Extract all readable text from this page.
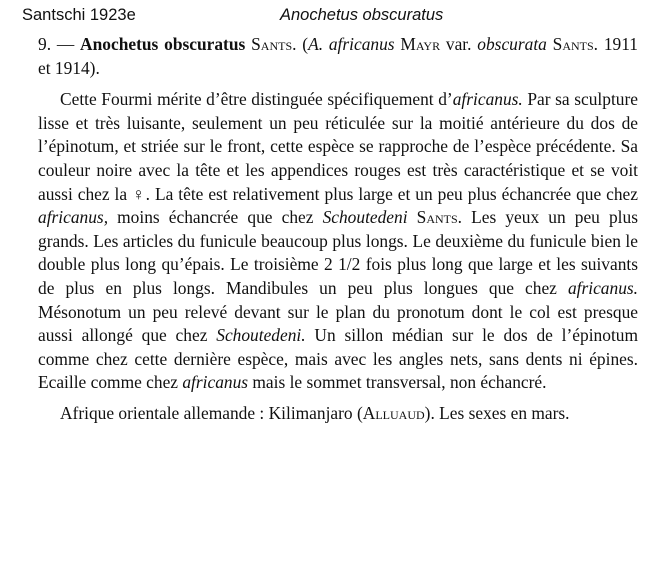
Santschi 1923e	Anochetus obscuratus

9. — Anochetus obscuratus Sants. (A. africanus Mayr var. obscurata Sants. 1911 et 1914).

Cette Fourmi mérite d’être distinguée spécifiquement d’africanus. Par sa sculpture lisse et très luisante, seulement un peu réticulée sur la moitié antérieure du dos de l’épinotum, et striée sur le front, cette espèce se rapproche de l’espèce précédente. Sa couleur noire avec la tête et les appendices rouges est très caractéristique et se voit aussi chez la ♀. La tête est relativement plus large et un peu plus échancrée que chez africanus, moins échancrée que chez Schoutedeni Sants. Les yeux un peu plus grands. Les articles du funicule beaucoup plus longs. Le deuxième du funicule bien le double plus long qu’épais. Le troisième 2 1/2 fois plus long que large et les suivants de plus en plus longs. Mandibules un peu plus longues que chez africanus. Mésonotum un peu relevé devant sur le plan du pronotum dont le col est presque aussi allongé que chez Schoutedeni. Un sillon médian sur le dos de l’épinotum comme chez cette dernière espèce, mais avec les angles nets, sans dents ni épines. Ecaille comme chez africanus mais le sommet transversal, non échancré.

Afrique orientale allemande : Kilimanjaro (Alluaud). Les sexes en mars.
